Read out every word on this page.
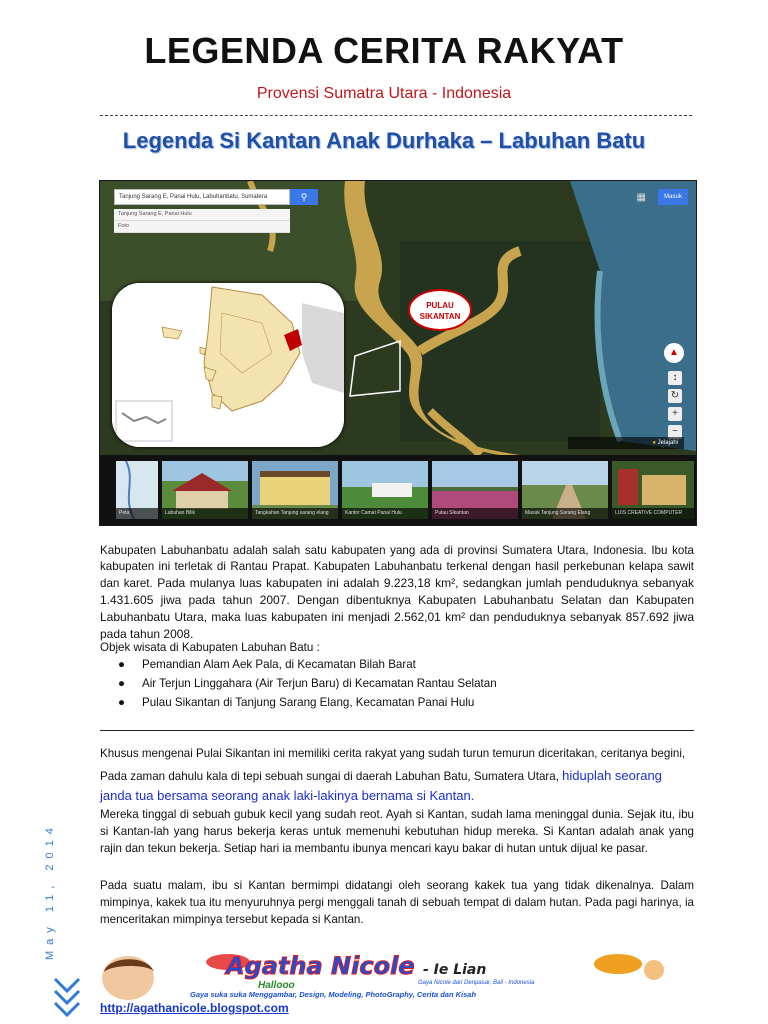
LEGENDA CERITA RAKYAT
Provensi Sumatra Utara - Indonesia
Legenda Si Kantan Anak Durhaka – Labuhan Batu
Tanjung Sarang E, Panai Hulu, Labuhanbatu, Sumatera	⚲
Tanjung Sarang E, Panai Hulu
Foto
▦	Masuk
PULAU
SIKANTAN
▲
↕
↻
+
−
● Jelajahi
Peta	Labuhan Bilik	Tangkahan Tanjung sarang elang	Kantor Camat Panai Hulu	Pulau Sikantan	Masuk Tanjung Sarang Elang	LUIS CREATIVE COMPUTER
Kabupaten Labuhanbatu adalah salah satu kabupaten yang ada di provinsi Sumatera Utara, Indonesia. Ibu kota kabupaten ini terletak di Rantau Prapat. Kabupaten Labuhanbatu terkenal dengan hasil perkebunan kelapa sawit dan karet. Pada mulanya luas kabupaten ini adalah 9.223,18 km², sedangkan jumlah penduduknya sebanyak 1.431.605 jiwa pada tahun 2007. Dengan dibentuknya Kabupaten Labuhanbatu Selatan dan Kabupaten Labuhanbatu Utara, maka luas kabupaten ini menjadi 2.562,01 km² dan penduduknya sebanyak 857.692 jiwa pada tahun 2008.
Objek wisata di Kabupaten Labuhan Batu :
● Pemandian Alam Aek Pala, di Kecamatan Bilah Barat
● Air Terjun Linggahara (Air Terjun Baru) di Kecamatan Rantau Selatan
● Pulau Sikantan di Tanjung Sarang Elang, Kecamatan Panai Hulu
Khusus mengenai Pulai Sikantan ini memiliki cerita rakyat yang sudah turun temurun diceritakan, ceritanya begini,
Pada zaman dahulu kala di tepi sebuah sungai di daerah Labuhan Batu, Sumatera Utara, hiduplah seorang janda tua bersama seorang anak laki-lakinya bernama si Kantan.
Mereka tinggal di sebuah gubuk kecil yang sudah reot. Ayah si Kantan, sudah lama meninggal dunia. Sejak itu, ibu si Kantan-lah yang harus bekerja keras untuk memenuhi kebutuhan hidup mereka. Si Kantan adalah anak yang rajin dan tekun bekerja. Setiap hari ia membantu ibunya mencari kayu bakar di hutan untuk dijual ke pasar.
Pada suatu malam, ibu si Kantan bermimpi didatangi oleh seorang kakek tua yang tidak dikenalnya. Dalam mimpinya, kakek tua itu menyuruhnya pergi menggali tanah di sebuah tempat di dalam hutan. Pada pagi harinya, ia menceritakan mimpinya tersebut kepada si Kantan.
May 11, 2014
Agatha Nicole - Ie Lian
Hallooo	Gaya Nicole dari Denpasar, Bali - Indonesia
Gaya suka suka Menggambar, Design, Modeling, PhotoGraphy, Cerita dan Kisah
http://agathanicole.blogspot.com
